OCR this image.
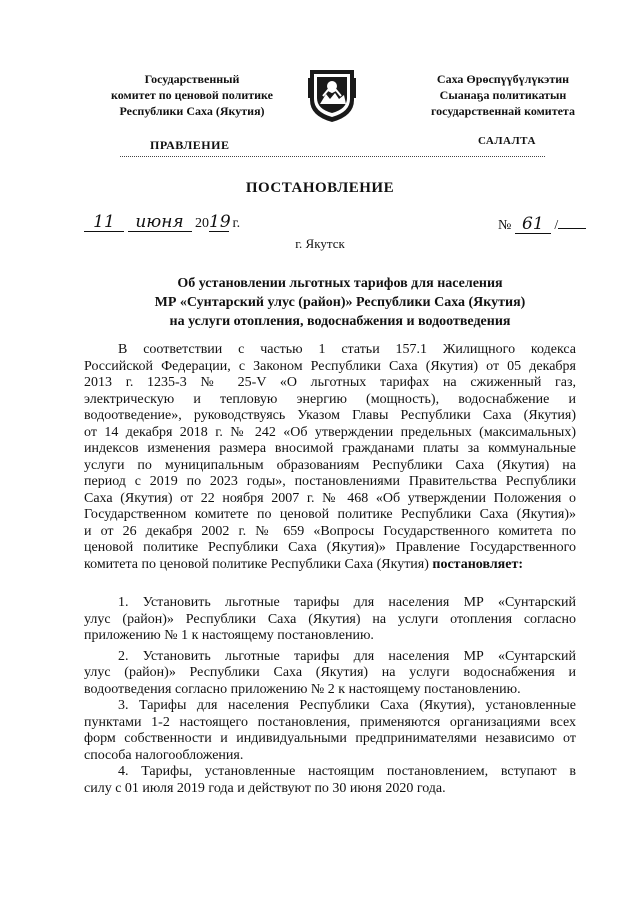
Государственный
комитет по ценовой политике
Республики Саха (Якутия)
Саха Өрөспүүбүлүкэтин
Сыанаҕа политикатын
государственнай комитета
ПРАВЛЕНИЕ	САЛАЛТА
ПОСТАНОВЛЕНИЕ
11 июня 2019 г.	№ 61 /
г. Якутск
Об установлении льготных тарифов для населения
МР «Сунтарский улус (район)» Республики Саха (Якутия)
на услуги отопления, водоснабжения и водоотведения
В соответствии с частью 1 статьи 157.1 Жилищного кодекса
Российской Федерации, с Законом Республики Саха (Якутия) от 05 декабря
2013 г. 1235-3 № 25-V «О льготных тарифах на сжиженный газ,
электрическую и тепловую энергию (мощность), водоснабжение и
водоотведение», руководствуясь Указом Главы Республики Саха (Якутия)
от 14 декабря 2018 г. № 242 «Об утверждении предельных (максимальных)
индексов изменения размера вносимой гражданами платы за коммунальные
услуги по муниципальным образованиям Республики Саха (Якутия) на
период с 2019 по 2023 годы», постановлениями Правительства Республики
Саха (Якутия) от 22 ноября 2007 г. № 468 «Об утверждении Положения о
Государственном комитете по ценовой политике Республики Саха (Якутия)»
и от 26 декабря 2002 г. № 659 «Вопросы Государственного комитета по
ценовой политике Республики Саха (Якутия)» Правление Государственного
комитета по ценовой политике Республики Саха (Якутия) постановляет:
1. Установить льготные тарифы для населения МР «Сунтарский
улус (район)» Республики Саха (Якутия) на услуги отопления согласно
приложению № 1 к настоящему постановлению.
2. Установить льготные тарифы для населения МР «Сунтарский
улус (район)» Республики Саха (Якутия) на услуги водоснабжения и
водоотведения согласно приложению № 2 к настоящему постановлению.
3. Тарифы для населения Республики Саха (Якутия), установленные
пунктами 1-2 настоящего постановления, применяются организациями всех
форм собственности и индивидуальными предпринимателями независимо от
способа налогообложения.
4. Тарифы, установленные настоящим постановлением, вступают в
силу с 01 июля 2019 года и действуют по 30 июня 2020 года.
